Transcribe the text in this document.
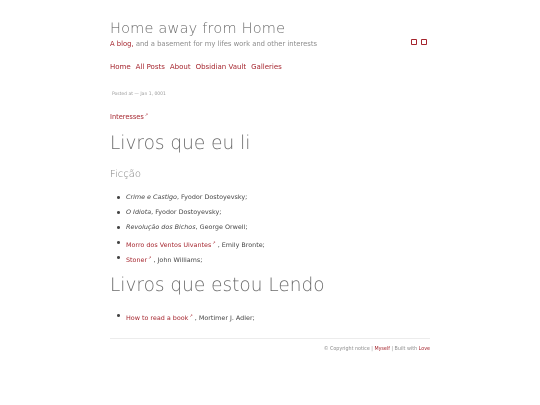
Home away from Home
A blog, and a basement for my lifes work and other interests
Home All Posts About Obsidian Vault Galleries
Posted at — Jan 1, 0001
Interesses↗
Livros que eu li
Ficção
Crime e Castigo, Fyodor Dostoyevsky;
O Idiota, Fyodor Dostoyevsky;
Revolução dos Bichos, George Orwell;
Morro dos Ventos Uivantes↗ , Emily Bronte;
Stoner↗ , John Williams;
Livros que estou Lendo
How to read a book↗ , Mortimer J. Adler;
© Copyright notice | Myself | Built with Love
